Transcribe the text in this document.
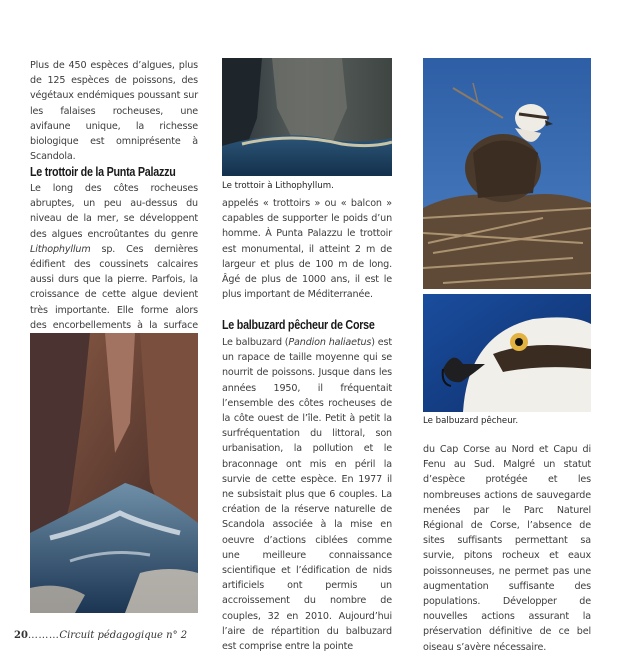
Plus de 450 espèces d’algues, plus de 125 espèces de poissons, des végétaux endémiques poussant sur les falaises rocheuses, une avifaune unique, la richesse biologique est omniprésente à Scandola.

Le trottoir de la Punta Palazzu

Le long des côtes rocheuses abruptes, un peu au-dessus du niveau de la mer, se développent des algues encroûtantes du genre Lithophyllum sp. Ces dernières édifient des coussinets calcaires aussi durs que la pierre. Parfois, la croissance de cette algue devient très importante. Elle forme alors des encorbellements à la surface

Le trottoir à Lithophyllum.

appelés « trottoirs » ou « balcon » capables de supporter le poids d’un homme. À Punta Palazzu le trottoir est monumental, il atteint 2 m de largeur et plus de 100 m de long. Âgé de plus de 1000 ans, il est le plus important de Méditerranée.

Le balbuzard pêcheur de Corse

Le balbuzard (Pandion haliaetus) est un rapace de taille moyenne qui se nourrit de poissons. Jusque dans les années 1950, il fréquentait l’ensemble des côtes rocheuses de la côte ouest de l’île. Petit à petit la surfréquentation du littoral, son urbanisation, la pollution et le braconnage ont mis en péril la survie de cette espèce. En 1977 il ne subsistait plus que 6 couples. La création de la réserve naturelle de Scandola associée à la mise en oeuvre d’actions ciblées comme une meilleure connaissance scientifique et l’édification de nids artificiels ont permis un accroissement du nombre de couples, 32 en 2010. Aujourd’hui l’aire de répartition du balbuzard est comprise entre la pointe

Le balbuzard pêcheur.

du Cap Corse au Nord et Capu di Fenu au Sud. Malgré un statut d’espèce protégée et les nombreuses actions de sauvegarde menées par le Parc Naturel Régional de Corse, l’absence de sites suffisants permettant sa survie, pitons rocheux et eaux poissonneuses, ne permet pas une augmentation suffisante des populations. Développer de nouvelles actions assurant la préservation définitive de ce bel oiseau s’avère nécessaire.

20………Circuit pédagogique n° 2
